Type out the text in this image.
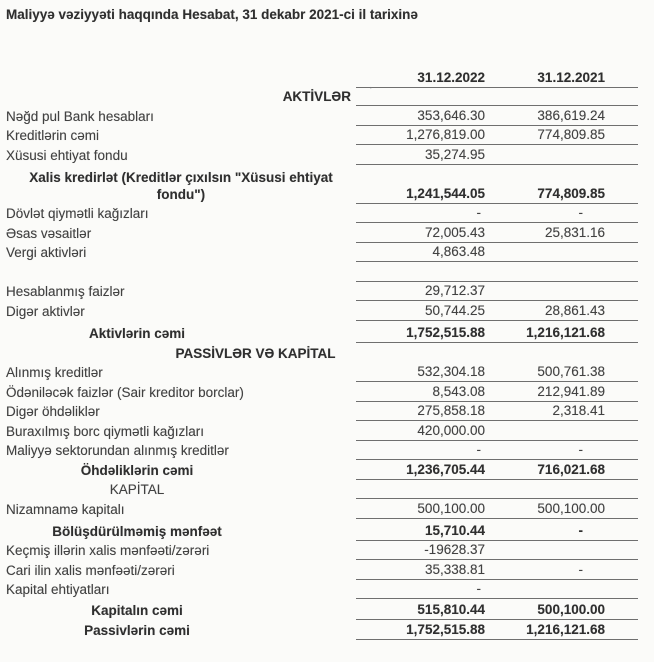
Maliyyə vəziyyəti haqqında Hesabat, 31 dekabr 2021-ci il tarixinə
ʾ 31.12.2022	31.12.2021
AKTİVLƏR
Nəğd pul Bank hesabları	353,646.30	386,619.24
Kreditlərin cəmi	1,276,819.00	774,809.85
Xüsusi ehtiyat fondu	35,274.95
Xalis kredirlət (Kreditlər çıxılsın "Xüsusi ehtiyat fondu")	1,241,544.05	774,809.85
Dövlət qiymətli kağızları	-	-
Əsas vəsaitlər	72,005.43	25,831.16
Vergi aktivləri	4,863.48
Hesablanmış faizlər	29,712.37
Digər aktivlər	50,744.25	28,861.43
Aktivlərin cəmi	1,752,515.88	1,216,121.68
PASSİVLƏR VƏ KAPİTAL
Alınmış kreditlər	532,304.18	500,761.38
Ödəniləcək faizlər (Sair kreditor borclar)	8,543.08	212,941.89
Digər öhdəliklər	275,858.18	2,318.41
Buraxılmış borc qiymətli kağızları	420,000.00
Maliyyə sektorundan alınmış kreditlər	-	-
Öhdəliklərin cəmi	1,236,705.44	716,021.68
KAPİTAL
Nizamnamə kapitalı	500,100.00	500,100.00
Bölüşdürülməmiş mənfəət	15,710.44	-
Keçmiş illərin xalis mənfəəti/zərəri	-19628.37
Cari ilin xalis mənfəəti/zərəri	35,338.81	-
Kapital ehtiyatları	-
Kapitalın cəmi	515,810.44	500,100.00
Passivlərin cəmi	1,752,515.88	1,216,121.68
